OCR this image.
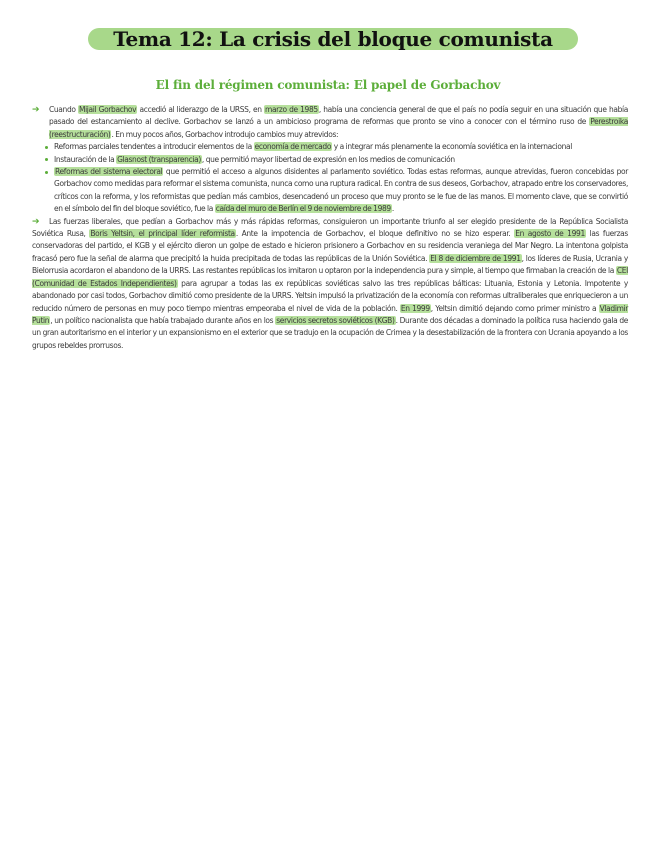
Tema 12: La crisis del bloque comunista
El fin del régimen comunista: El papel de Gorbachov

➔ Cuando Mijail Gorbachov accedió al liderazgo de la URSS, en marzo de 1985, había una conciencia general de que el país no podía seguir en una situación que había pasado del estancamiento al declive. Gorbachov se lanzó a un ambicioso programa de reformas que pronto se vino a conocer con el término ruso de Perestroika (reestructuración). En muy pocos años, Gorbachov introdujo cambios muy atrevidos:

Reformas parciales tendentes a introducir elementos de la economía de mercado y a integrar más plenamente la economía soviética en la internacional
Instauración de la Glasnost (transparencia), que permitió mayor libertad de expresión en los medios de comunicación
Reformas del sistema electoral que permitió el acceso a algunos disidentes al parlamento soviético. Todas estas reformas, aunque atrevidas, fueron concebidas por Gorbachov como medidas para reformar el sistema comunista, nunca como una ruptura radical. En contra de sus deseos, Gorbachov, atrapado entre los conservadores, críticos con la reforma, y los reformistas que pedían más cambios, desencadenó un proceso que muy pronto se le fue de las manos. El momento clave, que se convirtió en el símbolo del fin del bloque soviético, fue la caída del muro de Berlín el 9 de noviembre de 1989.

➔ Las fuerzas liberales, que pedían a Gorbachov más y más rápidas reformas, consiguieron un importante triunfo al ser elegido presidente de la República Socialista Soviética Rusa, Boris Yeltsin, el principal líder reformista. Ante la impotencia de Gorbachov, el bloque definitivo no se hizo esperar. En agosto de 1991 las fuerzas conservadoras del partido, el KGB y el ejército dieron un golpe de estado e hicieron prisionero a Gorbachov en su residencia veraniega del Mar Negro. La intentona golpista fracasó pero fue la señal de alarma que precipitó la huida precipitada de todas las repúblicas de la Unión Soviética. El 8 de diciembre de 1991, los líderes de Rusia, Ucrania y Bielorrusia acordaron el abandono de la URRS. Las restantes repúblicas los imitaron u optaron por la independencia pura y simple, al tiempo que firmaban la creación de la CEI (Comunidad de Estados Independientes) para agrupar a todas las ex repúblicas soviéticas salvo las tres repúblicas bálticas: Lituania, Estonia y Letonia. Impotente y abandonado por casi todos, Gorbachov dimitió como presidente de la URRS. Yeltsin impulsó la privatización de la economía con reformas ultraliberales que enriquecieron a un reducido número de personas en muy poco tiempo mientras empeoraba el nivel de vida de la población. En 1999, Yeltsin dimitió dejando como primer ministro a Vladimir Putin, un político nacionalista que había trabajado durante años en los servicios secretos soviéticos (KGB). Durante dos décadas a dominado la política rusa haciendo gala de un gran autoritarismo en el interior y un expansionismo en el exterior que se tradujo en la ocupación de Crimea y la desestabilización de la frontera con Ucrania apoyando a los grupos rebeldes prorrusos.
